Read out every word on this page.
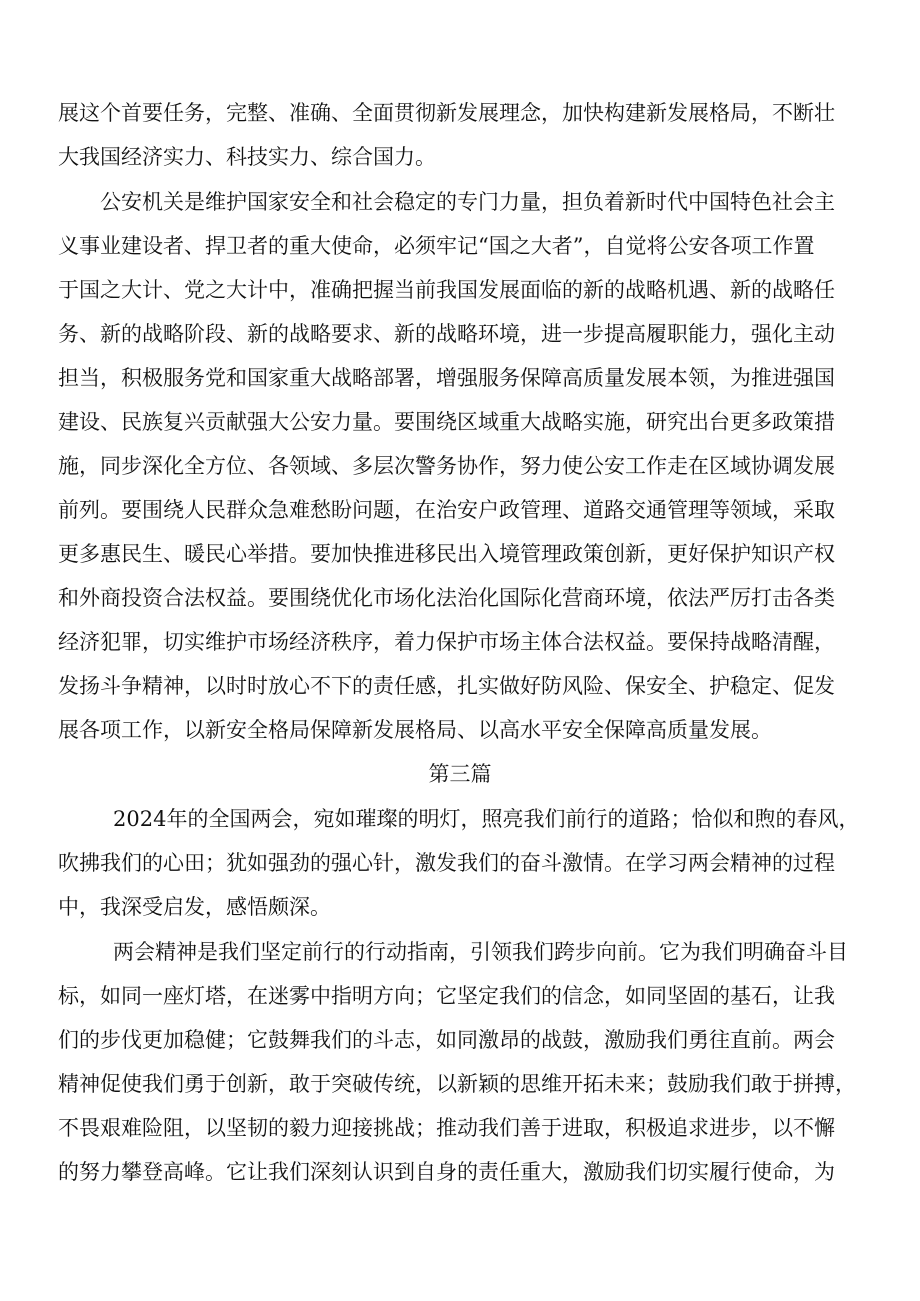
展这个首要任务，完整、准确、全面贯彻新发展理念，加快构建新发展格局，不断壮
大我国经济实力、科技实力、综合国力。
公安机关是维护国家安全和社会稳定的专门力量，担负着新时代中国特色社会主
义事业建设者、捍卫者的重大使命，必须牢记“国之大者”，自觉将公安各项工作置
于国之大计、党之大计中，准确把握当前我国发展面临的新的战略机遇、新的战略任
务、新的战略阶段、新的战略要求、新的战略环境，进一步提高履职能力，强化主动
担当，积极服务党和国家重大战略部署，增强服务保障高质量发展本领，为推进强国
建设、民族复兴贡献强大公安力量。要围绕区域重大战略实施，研究出台更多政策措
施，同步深化全方位、各领域、多层次警务协作，努力使公安工作走在区域协调发展
前列。要围绕人民群众急难愁盼问题，在治安户政管理、道路交通管理等领域，采取
更多惠民生、暖民心举措。要加快推进移民出入境管理政策创新，更好保护知识产权
和外商投资合法权益。要围绕优化市场化法治化国际化营商环境，依法严厉打击各类
经济犯罪，切实维护市场经济秩序，着力保护市场主体合法权益。要保持战略清醒，
发扬斗争精神，以时时放心不下的责任感，扎实做好防风险、保安全、护稳定、促发
展各项工作，以新安全格局保障新发展格局、以高水平安全保障高质量发展。
第三篇
2024年的全国两会，宛如璀璨的明灯，照亮我们前行的道路；恰似和煦的春风，
吹拂我们的心田；犹如强劲的强心针，激发我们的奋斗激情。在学习两会精神的过程
中，我深受启发，感悟颇深。
两会精神是我们坚定前行的行动指南，引领我们跨步向前。它为我们明确奋斗目
标，如同一座灯塔，在迷雾中指明方向；它坚定我们的信念，如同坚固的基石，让我
们的步伐更加稳健；它鼓舞我们的斗志，如同激昂的战鼓，激励我们勇往直前。两会
精神促使我们勇于创新，敢于突破传统，以新颖的思维开拓未来；鼓励我们敢于拼搏，
不畏艰难险阻，以坚韧的毅力迎接挑战；推动我们善于进取，积极追求进步，以不懈
的努力攀登高峰。它让我们深刻认识到自身的责任重大，激励我们切实履行使命，为
